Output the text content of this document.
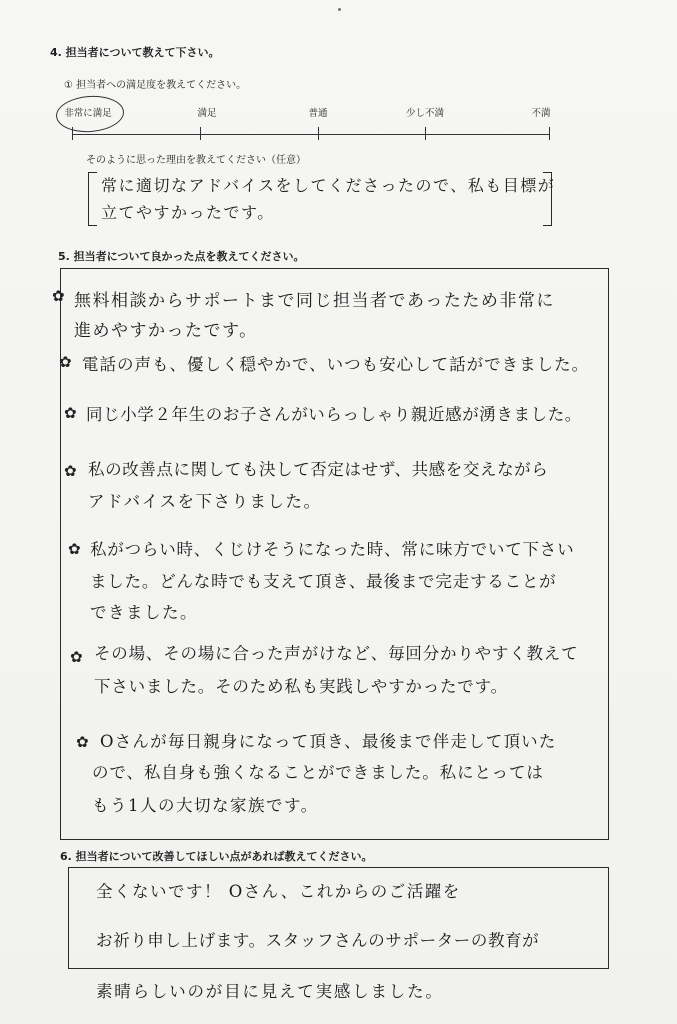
4. 担当者について教えて下さい。
① 担当者への満足度を教えてください。
非常に満足	満足	普通	少し不満	不満
そのように思った理由を教えてください（任意）
常に適切なアドバイスをしてくださったので、私も目標が
立てやすかったです。
5. 担当者について良かった点を教えてください。
✿ 無料相談からサポートまで同じ担当者であったため非常に
進めやすかったです。
✿ 電話の声も、優しく穏やかで、いつも安心して話ができました。
✿ 同じ小学２年生のお子さんがいらっしゃり親近感が湧きました。
✿ 私の改善点に関しても決して否定はせず、共感を交えながら
アドバイスを下さりました。
✿ 私がつらい時、くじけそうになった時、常に味方でいて下さい
ました。どんな時でも支えて頂き、最後まで完走することが
できました。
✿ その場、その場に合った声がけなど、毎回分かりやすく教えて
下さいました。そのため私も実践しやすかったです。
✿ Oさんが毎日親身になって頂き、最後まで伴走して頂いた
ので、私自身も強くなることができました。私にとっては
もう1人の大切な家族です。
6. 担当者について改善してほしい点があれば教えてください。
全くないです！ Oさん、これからのご活躍を
お祈り申し上げます。スタッフさんのサポーターの教育が
素晴らしいのが目に見えて実感しました。
